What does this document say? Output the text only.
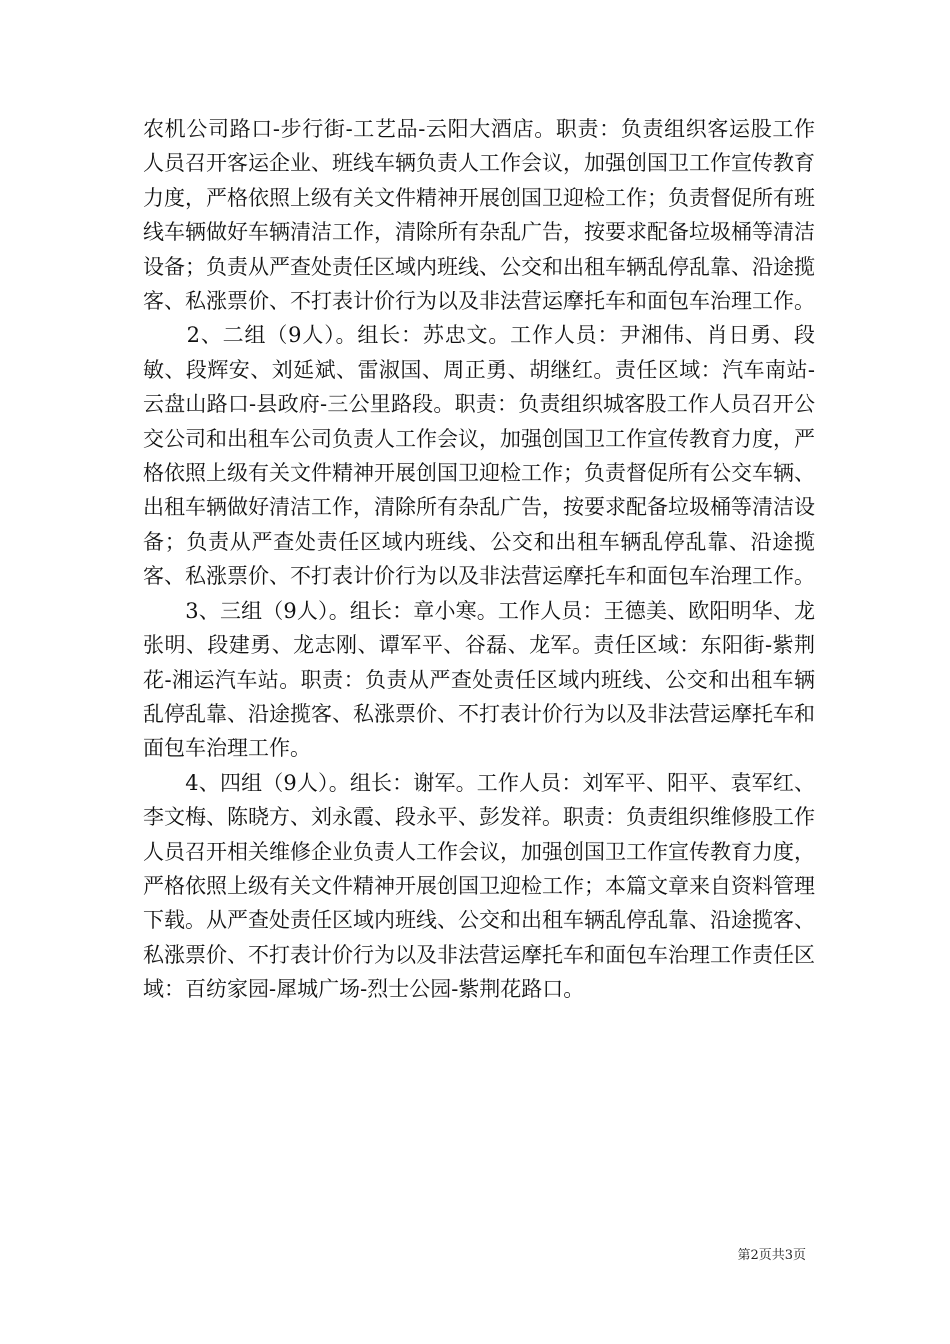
农机公司路口-步行街-工艺品-云阳大酒店。职责：负责组织客运股工作人员召开客运企业、班线车辆负责人工作会议，加强创国卫工作宣传教育力度，严格依照上级有关文件精神开展创国卫迎检工作；负责督促所有班线车辆做好车辆清洁工作，清除所有杂乱广告，按要求配备垃圾桶等清洁设备；负责从严查处责任区域内班线、公交和出租车辆乱停乱靠、沿途揽客、私涨票价、不打表计价行为以及非法营运摩托车和面包车治理工作。

　　2、二组（9人）。组长：苏忠文。工作人员：尹湘伟、肖日勇、段敏、段辉安、刘延斌、雷淑国、周正勇、胡继红。责任区域：汽车南站-云盘山路口-县政府-三公里路段。职责：负责组织城客股工作人员召开公交公司和出租车公司负责人工作会议，加强创国卫工作宣传教育力度，严格依照上级有关文件精神开展创国卫迎检工作；负责督促所有公交车辆、出租车辆做好清洁工作，清除所有杂乱广告，按要求配备垃圾桶等清洁设备；负责从严查处责任区域内班线、公交和出租车辆乱停乱靠、沿途揽客、私涨票价、不打表计价行为以及非法营运摩托车和面包车治理工作。

　　3、三组（9人）。组长：章小寒。工作人员：王德美、欧阳明华、龙张明、段建勇、龙志刚、谭军平、谷磊、龙军。责任区域：东阳街-紫荆花-湘运汽车站。职责：负责从严查处责任区域内班线、公交和出租车辆乱停乱靠、沿途揽客、私涨票价、不打表计价行为以及非法营运摩托车和面包车治理工作。

　　4、四组（9人）。组长：谢军。工作人员：刘军平、阳平、袁军红、李文梅、陈晓方、刘永霞、段永平、彭发祥。职责：负责组织维修股工作人员召开相关维修企业负责人工作会议，加强创国卫工作宣传教育力度，严格依照上级有关文件精神开展创国卫迎检工作；本篇文章来自资料管理下载。从严查处责任区域内班线、公交和出租车辆乱停乱靠、沿途揽客、私涨票价、不打表计价行为以及非法营运摩托车和面包车治理工作责任区域：百纺家园-犀城广场-烈士公园-紫荆花路口。

第2页共3页
